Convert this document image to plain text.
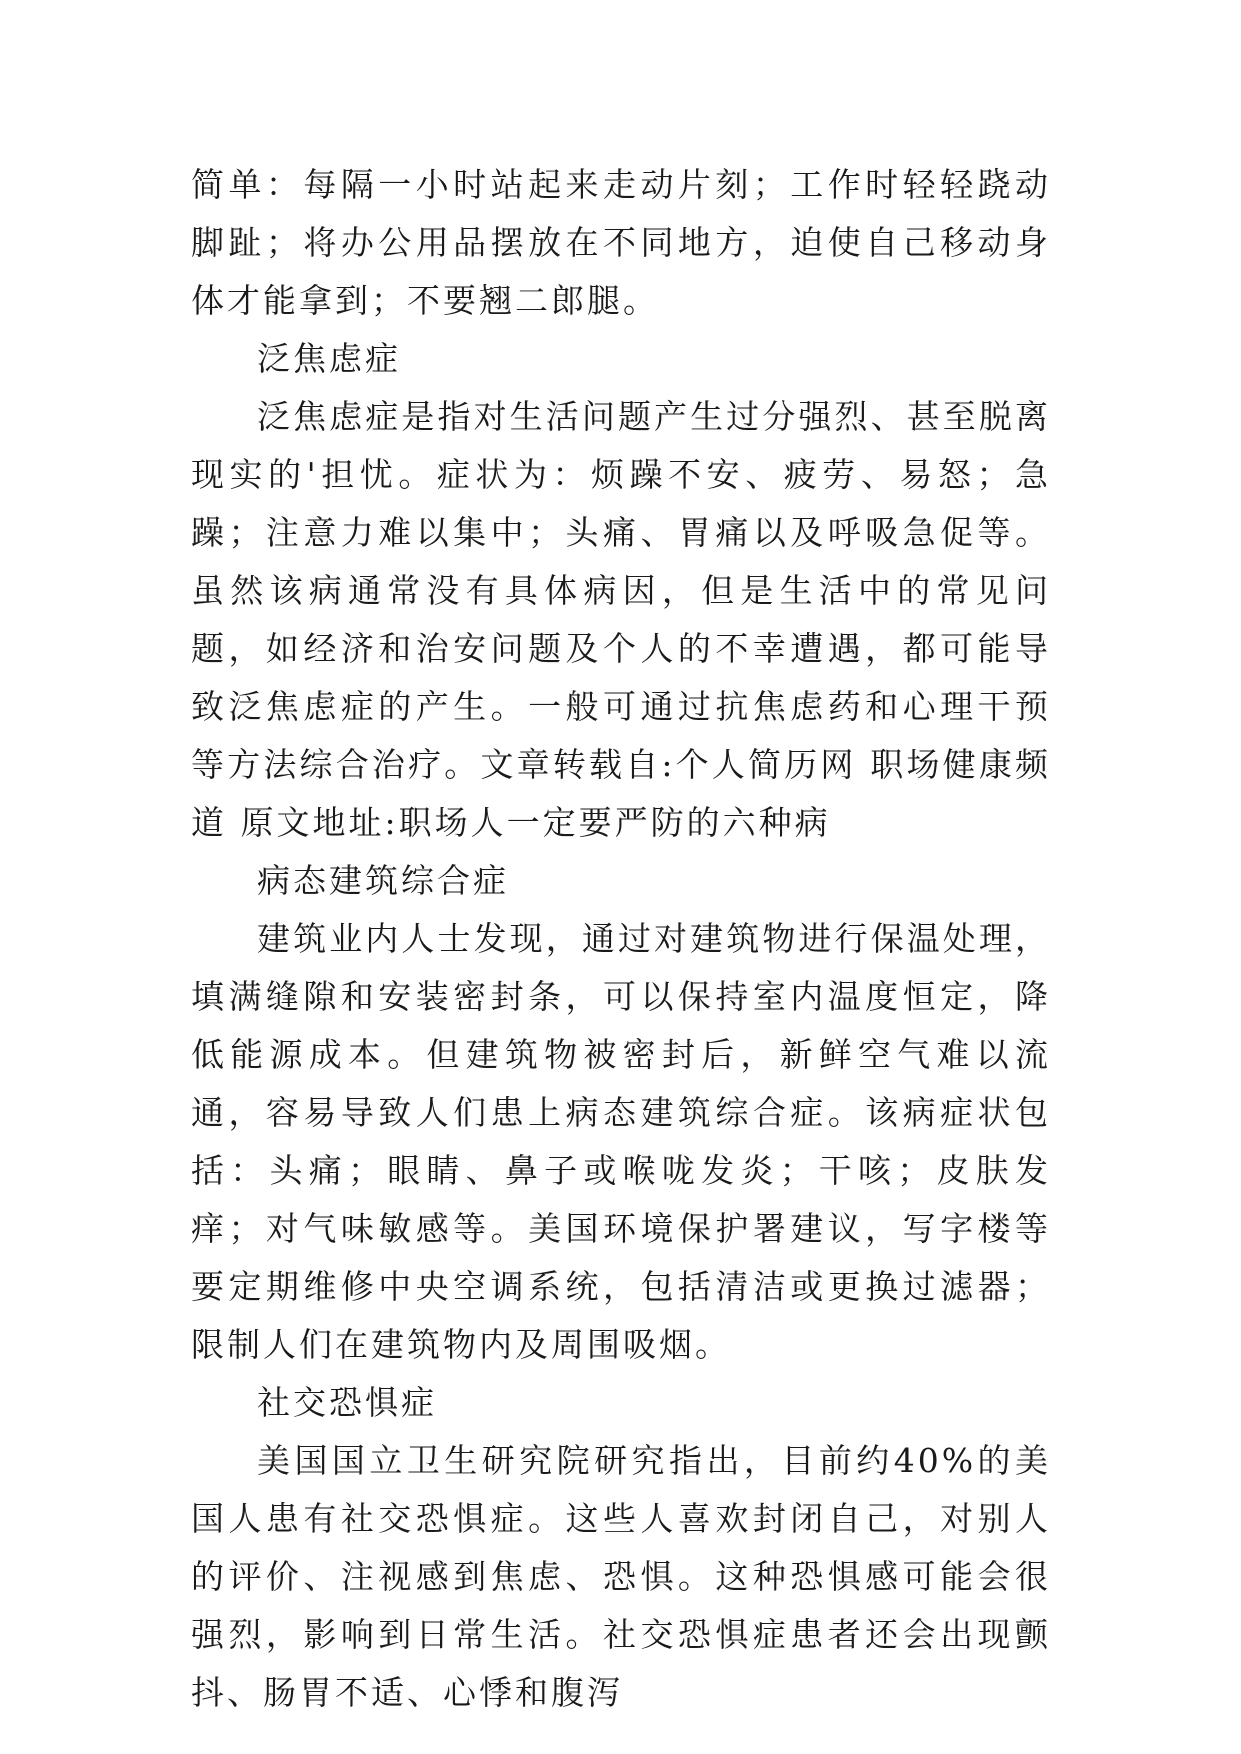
简单：每隔一小时站起来走动片刻；工作时轻轻跷动脚趾；将办公用品摆放在不同地方，迫使自己移动身体才能拿到；不要翘二郎腿。

泛焦虑症

泛焦虑症是指对生活问题产生过分强烈、甚至脱离现实的'担忧。症状为：烦躁不安、疲劳、易怒；急躁；注意力难以集中；头痛、胃痛以及呼吸急促等。虽然该病通常没有具体病因，但是生活中的常见问题，如经济和治安问题及个人的不幸遭遇，都可能导致泛焦虑症的产生。一般可通过抗焦虑药和心理干预等方法综合治疗。文章转载自:个人简历网 职场健康频道 原文地址:职场人一定要严防的六种病

病态建筑综合症

建筑业内人士发现，通过对建筑物进行保温处理，填满缝隙和安装密封条，可以保持室内温度恒定，降低能源成本。但建筑物被密封后，新鲜空气难以流通，容易导致人们患上病态建筑综合症。该病症状包括：头痛；眼睛、鼻子或喉咙发炎；干咳；皮肤发痒；对气味敏感等。美国环境保护署建议，写字楼等要定期维修中央空调系统，包括清洁或更换过滤器；限制人们在建筑物内及周围吸烟。

社交恐惧症

美国国立卫生研究院研究指出，目前约40%的美国人患有社交恐惧症。这些人喜欢封闭自己，对别人的评价、注视感到焦虑、恐惧。这种恐惧感可能会很强烈，影响到日常生活。社交恐惧症患者还会出现颤抖、肠胃不适、心悸和腹泻
